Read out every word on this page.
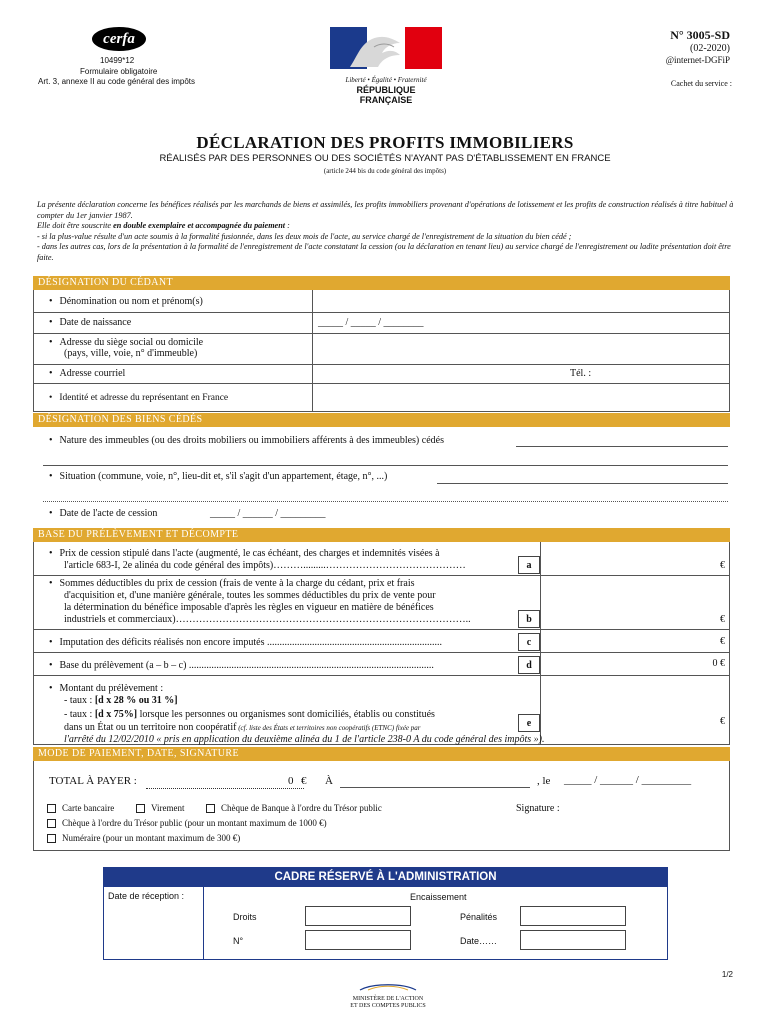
cerfa
10499*12
Formulaire obligatoire
Art. 3, annexe II au code général des impôts	Liberté • Égalité • Fraternité
RÉPUBLIQUE FRANÇAISE
N° 3005-SD
(02-2020)
@internet-DGFiP
Cachet du service :
DÉCLARATION DES PROFITS IMMOBILIERS
RÉALISÉS PAR DES PERSONNES OU DES SOCIÉTÉS N'AYANT PAS D'ÉTABLISSEMENT EN FRANCE
(article 244 bis du code général des impôts)
La présente déclaration concerne les bénéfices réalisés par les marchands de biens et assimilés, les profits immobiliers provenant d'opérations de lotissement et les profits de construction réalisés à titre habituel à compter du 1er janvier 1987.
Elle doit être souscrite en double exemplaire et accompagnée du paiement :
- si la plus-value résulte d'un acte soumis à la formalité fusionnée, dans les deux mois de l'acte, au service chargé de l'enregistrement de la situation du bien cédé ;
- dans les autres cas, lors de la présentation à la formalité de l'enregistrement de l'acte constatant la cession (ou la déclaration en tenant lieu) au service chargé de l'enregistrement ou ladite présentation doit être faite.
DÉSIGNATION DU CÉDANT
• Dénomination ou nom et prénom(s)
• Date de naissance	_____ / _____ / ________
• Adresse du siège social ou domicile
(pays, ville, voie, n° d'immeuble)
• Adresse courriel	Tél. :
• Identité et adresse du représentant en France
DÉSIGNATION DES BIENS CÉDÉS
• Nature des immeubles (ou des droits mobiliers ou immobiliers afférents à des immeubles) cédés
• Situation (commune, voie, n°, lieu-dit et, s'il s'agit d'un appartement, étage, n°, ...)
• Date de l'acte de cession	_____ / ______ / _________
BASE DU PRÉLÈVEMENT ET DÉCOMPTE
• Prix de cession stipulé dans l'acte (augmenté, le cas échéant, des charges et indemnités visées à
l'article 683-I, 2e alinéa du code général des impôts)……….........……………………………………	a	€
• Sommes déductibles du prix de cession (frais de vente à la charge du cédant, prix et frais
d'acquisition et, d'une manière générale, toutes les sommes déductibles du prix de vente pour
la détermination du bénéfice imposable d'après les règles en vigueur en matière de bénéfices
industriels et commerciaux)……………………………………………………………………………..	b	€
• Imputation des déficits réalisés non encore imputés ......................................................................	c	€
• Base du prélèvement (a – b – c) ..................................................................................................	d	0 €
• Montant du prélèvement :
- taux : [d x 28 % ou 31 %]
- taux : [d x 75%] lorsque les personnes ou organismes sont domiciliés, établis ou constitués
dans un État ou un territoire non coopératif (cf. liste des États et territoires non coopératifs (ETNC) fixée par
l'arrêté du 12/02/2010 « pris en application du deuxième alinéa du 1 de l'article 238-0 A du code général des impôts »).
e	€
MODE DE PAIEMENT, DATE, SIGNATURE
TOTAL À PAYER :	0 € À	, le _____ / ______ / _________
Carte bancaire	Virement	Chèque de Banque à l'ordre du Trésor public	Signature :
Chèque à l'ordre du Trésor public (pour un montant maximum de 1000 €)
Numéraire (pour un montant maximum de 300 €)
CADRE RÉSERVÉ À L'ADMINISTRATION
Date de réception :	Encaissement
Droits	Pénalités
N°	Date……
1/2
MINISTÈRE DE L'ACTION
ET DES COMPTES PUBLICS
